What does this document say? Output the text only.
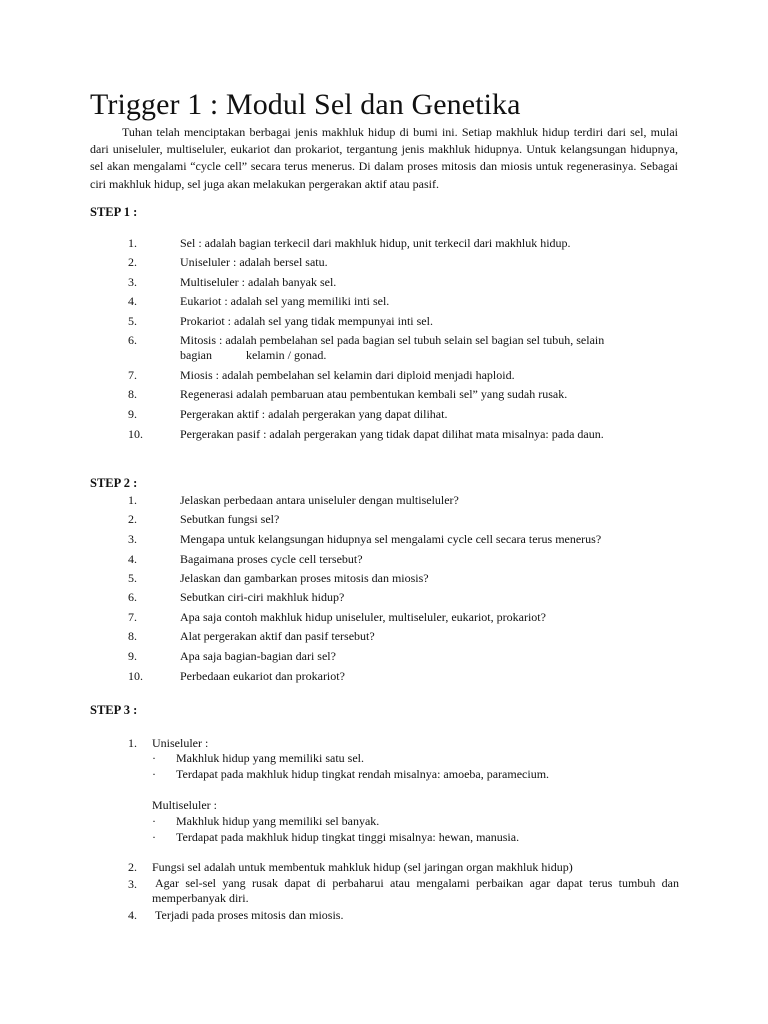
Trigger 1 : Modul Sel dan Genetika

Tuhan telah menciptakan berbagai jenis makhluk hidup di bumi ini. Setiap makhluk hidup terdiri dari sel, mulai dari uniseluler, multiseluler, eukariot dan prokariot, tergantung jenis makhluk hidupnya. Untuk kelangsungan hidupnya, sel akan mengalami “cycle cell” secara terus menerus. Di dalam proses mitosis dan miosis untuk regenerasinya. Sebagai ciri makhluk hidup, sel juga akan melakukan pergerakan aktif atau pasif.

STEP 1 :
1.	Sel : adalah bagian terkecil dari makhluk hidup, unit terkecil dari makhluk hidup.
2.	Uniseluler : adalah bersel satu.
3.	Multiseluler : adalah banyak sel.
4.	Eukariot : adalah sel yang memiliki inti sel.
5.	Prokariot : adalah sel yang tidak mempunyai inti sel.
6.	Mitosis : adalah pembelahan sel pada bagian sel tubuh selain sel bagian sel tubuh, selain
bagian	kelamin / gonad.
7.	Miosis : adalah pembelahan sel kelamin dari diploid menjadi haploid.
8.	Regenerasi adalah pembaruan atau pembentukan kembali sel” yang sudah rusak.
9.	Pergerakan aktif : adalah pergerakan yang dapat dilihat.
10.	Pergerakan pasif : adalah pergerakan yang tidak dapat dilihat mata misalnya: pada daun.
STEP 2 :
1.	Jelaskan perbedaan antara uniseluler dengan multiseluler?
2.	Sebutkan fungsi sel?
3.	Mengapa untuk kelangsungan hidupnya sel mengalami cycle cell secara terus menerus?
4.	Bagaimana proses cycle cell tersebut?
5.	Jelaskan dan gambarkan proses mitosis dan miosis?
6.	Sebutkan ciri-ciri makhluk hidup?
7.	Apa saja contoh makhluk hidup uniseluler, multiseluler, eukariot, prokariot?
8.	Alat pergerakan aktif dan pasif tersebut?
9.	Apa saja bagian-bagian dari sel?
10.	Perbedaan eukariot dan prokariot?
STEP 3 :
1. Uniseluler :
· Makhluk hidup yang memiliki satu sel.
· Terdapat pada makhluk hidup tingkat rendah misalnya: amoeba, paramecium.
Multiseluler :
· Makhluk hidup yang memiliki sel banyak.
· Terdapat pada makhluk hidup tingkat tinggi misalnya: hewan, manusia.
2. Fungsi sel adalah untuk membentuk mahkluk hidup (sel jaringan organ makhluk hidup)
3. Agar sel-sel yang rusak dapat di perbaharui atau mengalami perbaikan agar dapat terus tumbuh dan memperbanyak diri.
4. Terjadi pada proses mitosis dan miosis.
